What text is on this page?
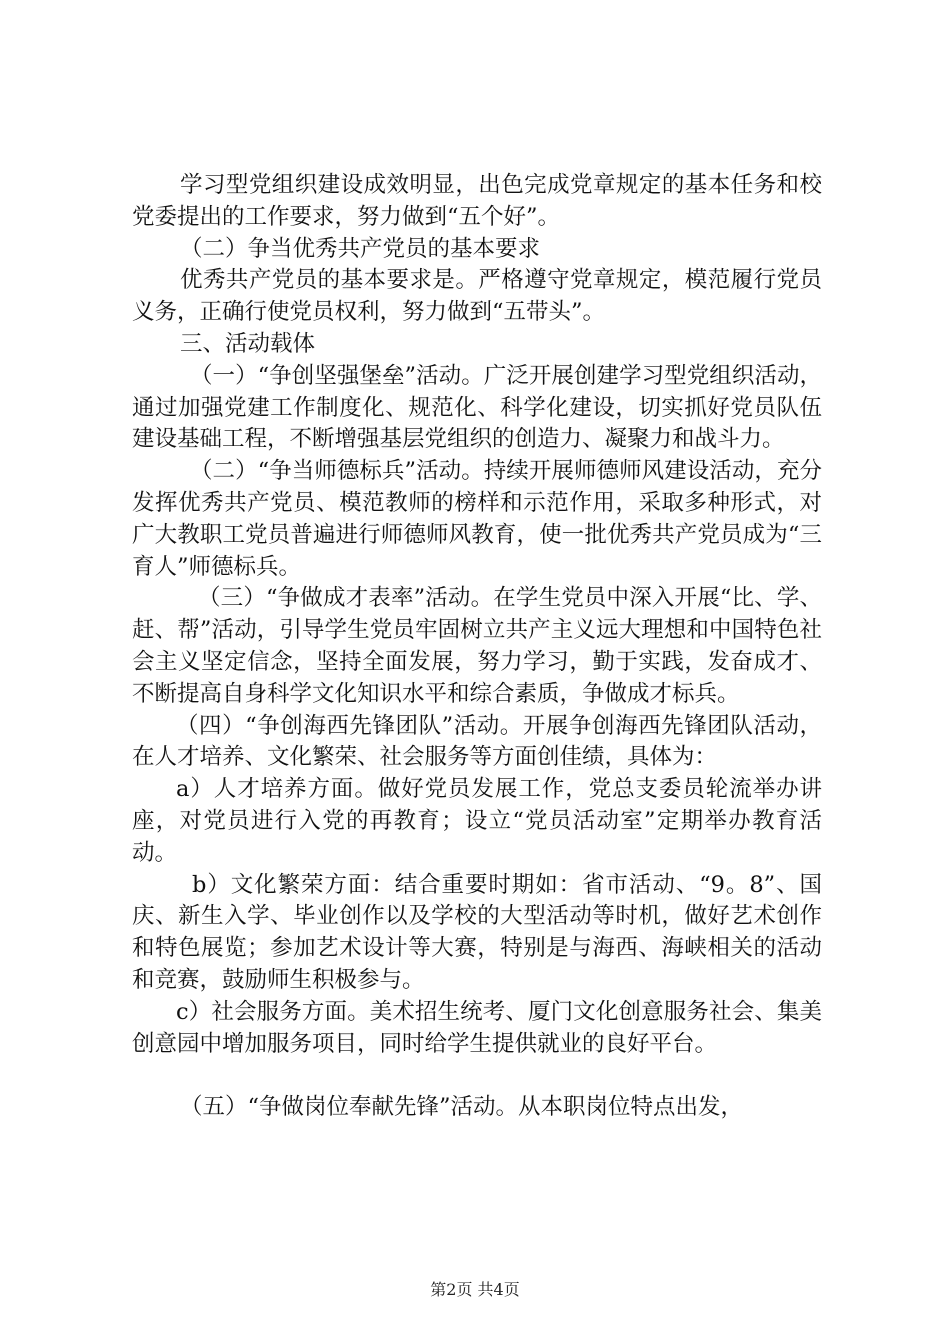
学习型党组织建设成效明显，出色完成党章规定的基本任务和校党委提出的工作要求，努力做到“五个好”。

（二）争当优秀共产党员的基本要求

优秀共产党员的基本要求是。严格遵守党章规定，模范履行党员义务，正确行使党员权利，努力做到“五带头”。

三、活动载体

（一）“争创坚强堡垒”活动。广泛开展创建学习型党组织活动，通过加强党建工作制度化、规范化、科学化建设，切实抓好党员队伍建设基础工程，不断增强基层党组织的创造力、凝聚力和战斗力。

（二）“争当师德标兵”活动。持续开展师德师风建设活动，充分发挥优秀共产党员、模范教师的榜样和示范作用，采取多种形式，对广大教职工党员普遍进行师德师风教育，使一批优秀共产党员成为“三育人”师德标兵。

（三）“争做成才表率”活动。在学生党员中深入开展“比、学、赶、帮”活动，引导学生党员牢固树立共产主义远大理想和中国特色社会主义坚定信念，坚持全面发展，努力学习，勤于实践，发奋成才、不断提高自身科学文化知识水平和综合素质，争做成才标兵。

（四）“争创海西先锋团队”活动。开展争创海西先锋团队活动，在人才培养、文化繁荣、社会服务等方面创佳绩，具体为：

a）人才培养方面。做好党员发展工作，党总支委员轮流举办讲座，对党员进行入党的再教育；设立“党员活动室”定期举办教育活动。

b）文化繁荣方面：结合重要时期如：省市活动、“9。8”、国庆、新生入学、毕业创作以及学校的大型活动等时机，做好艺术创作和特色展览；参加艺术设计等大赛，特别是与海西、海峡相关的活动和竞赛，鼓励师生积极参与。

c）社会服务方面。美术招生统考、厦门文化创意服务社会、集美创意园中增加服务项目，同时给学生提供就业的良好平台。

（五）“争做岗位奉献先锋”活动。从本职岗位特点出发，

第2页 共4页
